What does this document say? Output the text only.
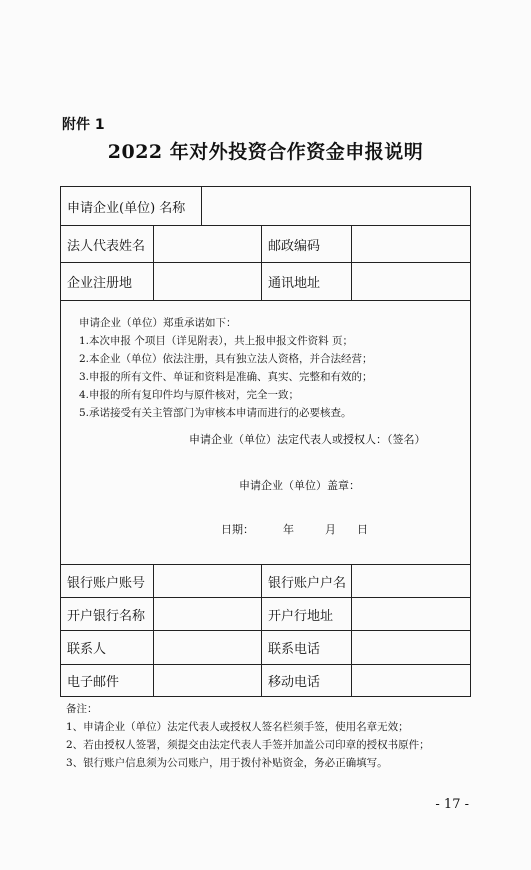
附件 1
2022 年对外投资合作资金申报说明
申请企业(单位) 名称
法人代表姓名	邮政编码
企业注册地	通讯地址
申请企业（单位）郑重承诺如下：
1.本次申报 个项目（详见附表），共上报申报文件资料 页；
2.本企业（单位）依法注册，具有独立法人资格，并合法经营；
3.申报的所有文件、单证和资料是准确、真实、完整和有效的；
4.申报的所有复印件均与原件核对，完全一致；
5.承诺接受有关主管部门为审核本申请而进行的必要核查。
申请企业（单位）法定代表人或授权人：（签名）
申请企业（单位）盖章：
日期：	年	月 日
银行账户账号	银行账户户名
开户银行名称	开户行地址
联系人	联系电话
电子邮件	移动电话
备注：
1、申请企业（单位）法定代表人或授权人签名栏须手签，使用名章无效；
2、若由授权人签署，须提交由法定代表人手签并加盖公司印章的授权书原件；
3、银行账户信息须为公司账户，用于拨付补贴资金，务必正确填写。
- 17 -
